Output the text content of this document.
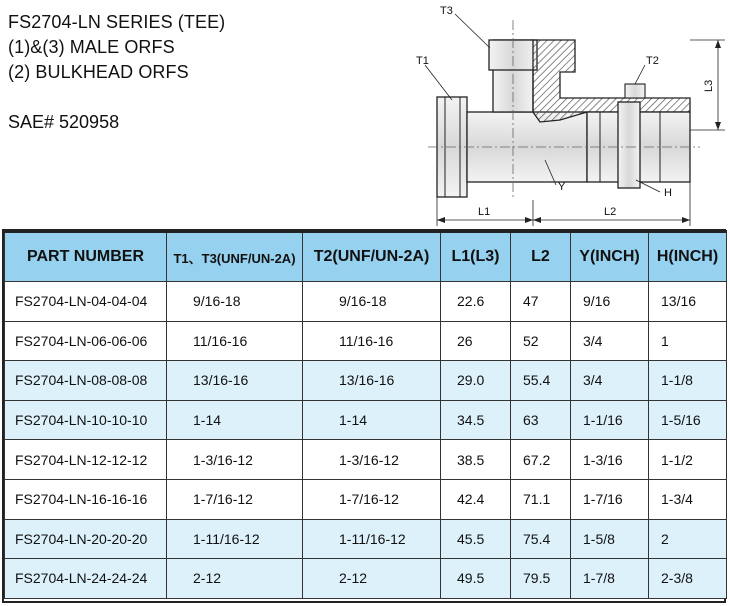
FS2704-LN SERIES (TEE)
(1)&(3) MALE ORFS
(2) BULKHEAD ORFS
SAE# 520958
L3
L1	L2
T3
T1	T2
Y	H
PART NUMBER	T1、T3(UNF/UN-2A)	T2(UNF/UN-2A)	L1(L3)	L2	Y(INCH)	H(INCH)
FS2704-LN-04-04-04	9/16-18	9/16-18	22.6	47	9/16	13/16
FS2704-LN-06-06-06	11/16-16	11/16-16	26	52	3/4	1
FS2704-LN-08-08-08	13/16-16	13/16-16	29.0	55.4	3/4	1-1/8
FS2704-LN-10-10-10	1-14	1-14	34.5	63	1-1/16	1-5/16
FS2704-LN-12-12-12	1-3/16-12	1-3/16-12	38.5	67.2	1-3/16	1-1/2
FS2704-LN-16-16-16	1-7/16-12	1-7/16-12	42.4	71.1	1-7/16	1-3/4
FS2704-LN-20-20-20	1-11/16-12	1-11/16-12	45.5	75.4	1-5/8	2
FS2704-LN-24-24-24	2-12	2-12	49.5	79.5	1-7/8	2-3/8
